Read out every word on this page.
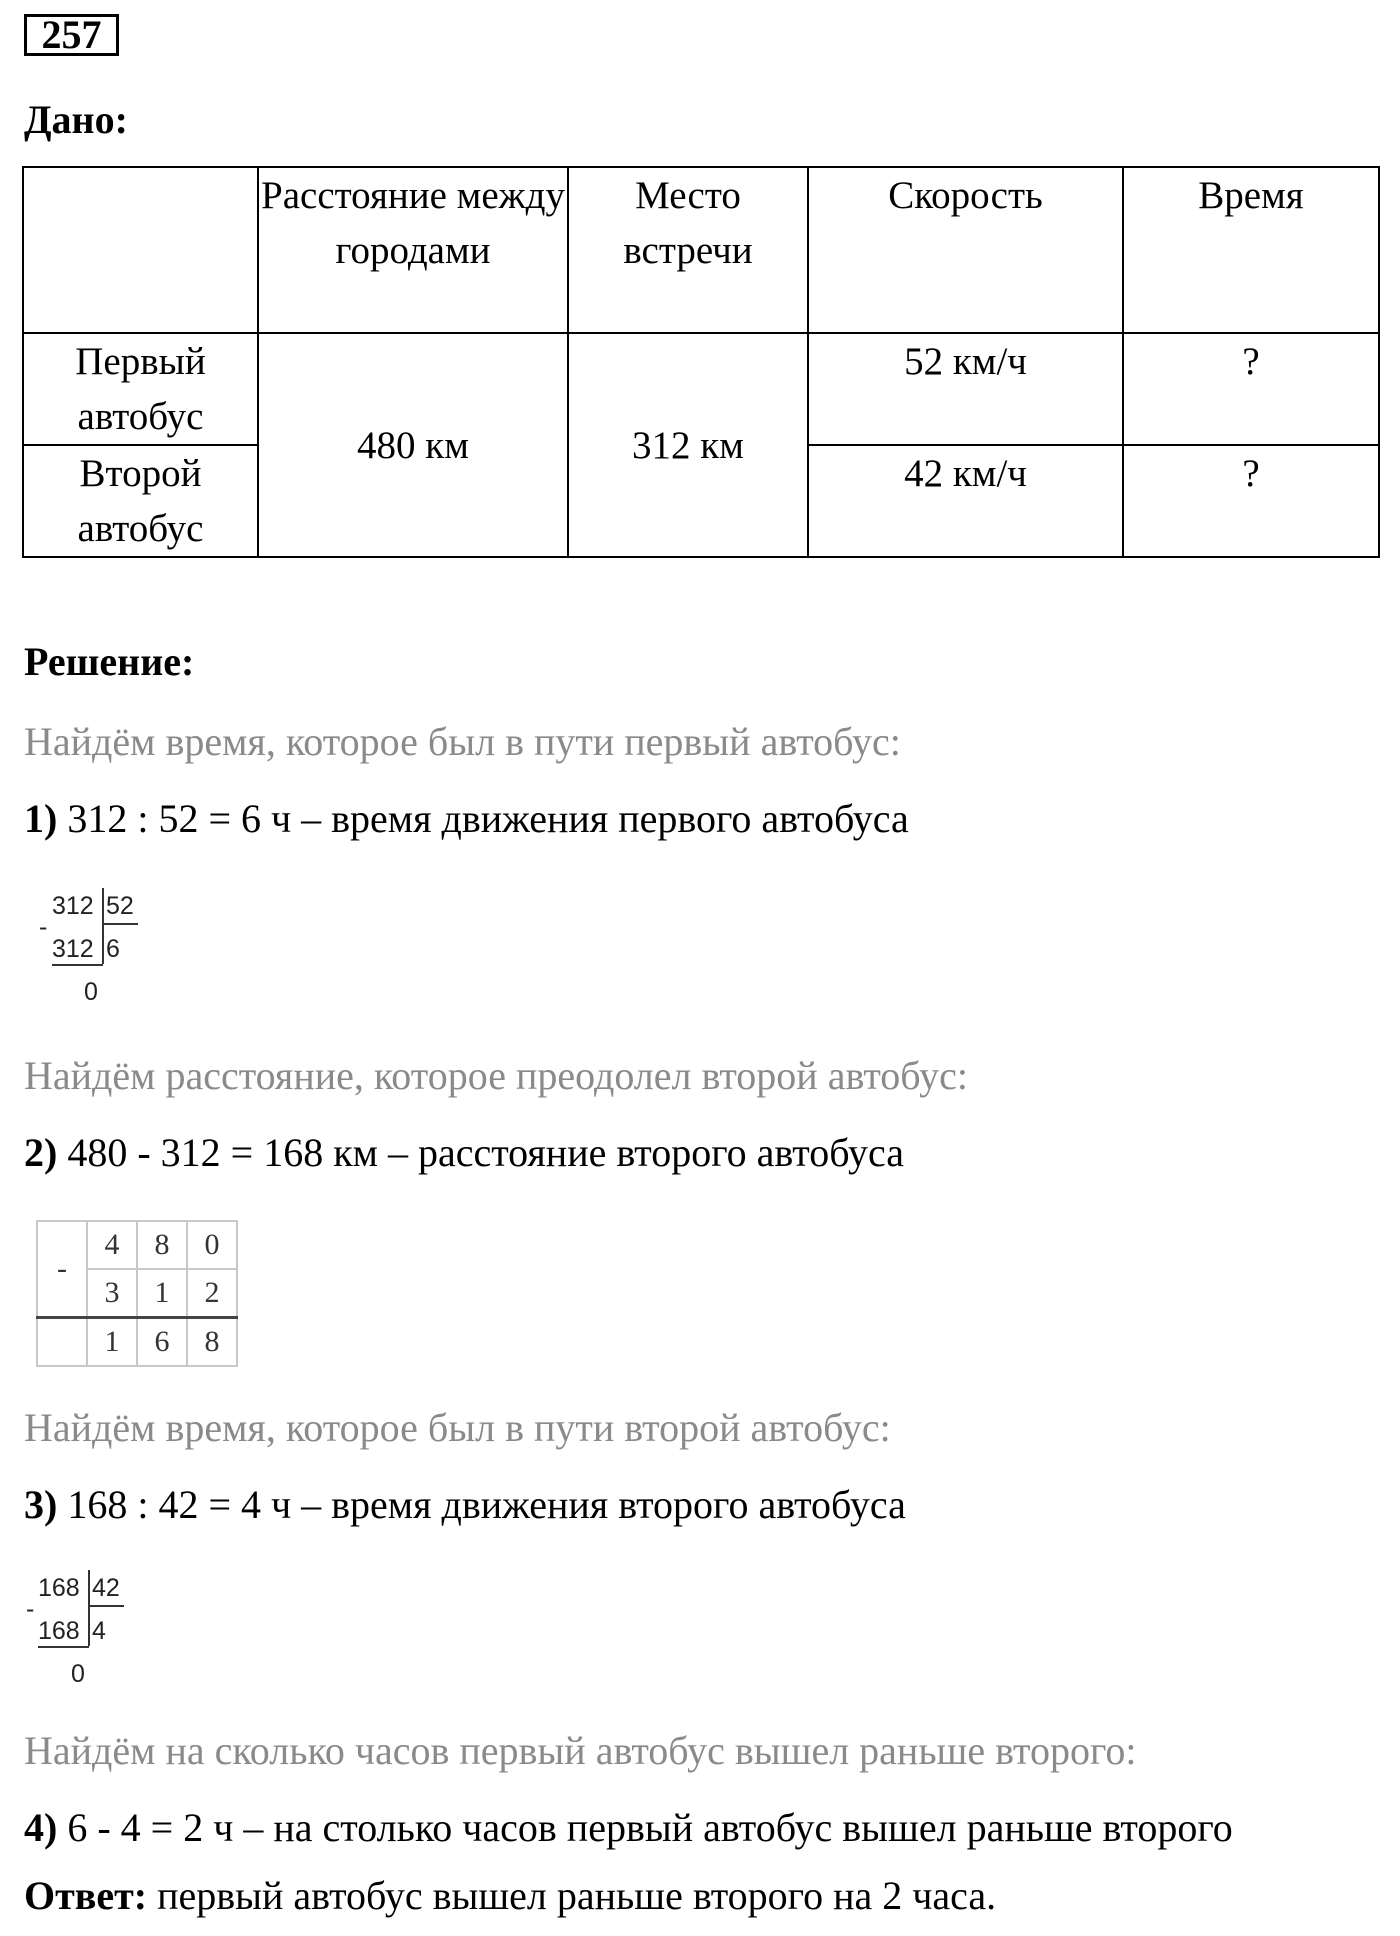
257
Дано:
	Расстояние между городами	Место встречи	Скорость	Время
Первый автобус	480 км	312 км	52 км/ч	?
Второй автобус			42 км/ч	?
Решение:
Найдём время, которое был в пути первый автобус:
1) 312 : 52 = 6 ч – время движения первого автобуса
312 52
-
312 6
0
Найдём расстояние, которое преодолел второй автобус:
2) 480 - 312 = 168 км – расстояние второго автобуса
-	4	8	0
	3	1	2
	1	6	8
Найдём время, которое был в пути второй автобус:
3) 168 : 42 = 4 ч – время движения второго автобуса
168 42
-
168 4
0
Найдём на сколько часов первый автобус вышел раньше второго:
4) 6 - 4 = 2 ч – на столько часов первый автобус вышел раньше второго
Ответ: первый автобус вышел раньше второго на 2 часа.
